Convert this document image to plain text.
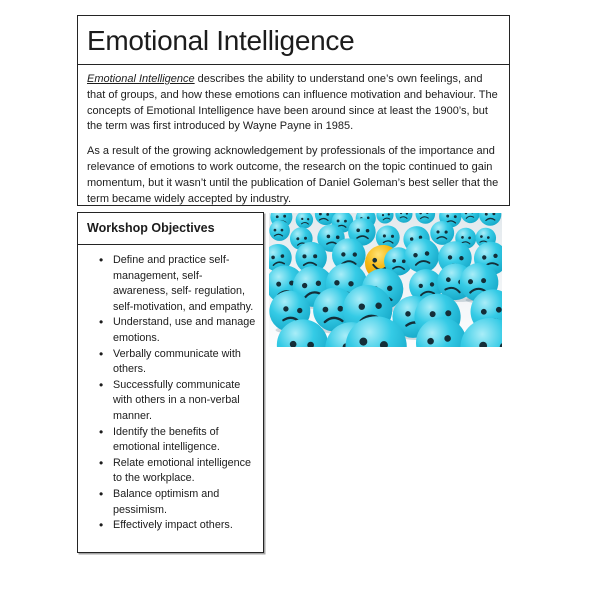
Emotional Intelligence

Emotional Intelligence describes the ability to understand one’s own feelings, and that of groups, and how these emotions can influence motivation and behaviour. The concepts of Emotional Intelligence have been around since at least the 1900’s, but the term was first introduced by Wayne Payne in 1985.

As a result of the growing acknowledgement by professionals of the importance and relevance of emotions to work outcome, the research on the topic continued to gain momentum, but it wasn’t until the publication of Daniel Goleman’s best seller that the term became widely accepted by industry.

Workshop Objectives
• Define and practice self-management, self- awareness, self- regulation, self-motivation, and empathy.
• Understand, use and manage emotions.
• Verbally communicate with others.
• Successfully communicate with others in a non-verbal manner.
• Identify the benefits of emotional intelligence.
• Relate emotional intelligence to the workplace.
• Balance optimism and pessimism.
• Effectively impact others.
